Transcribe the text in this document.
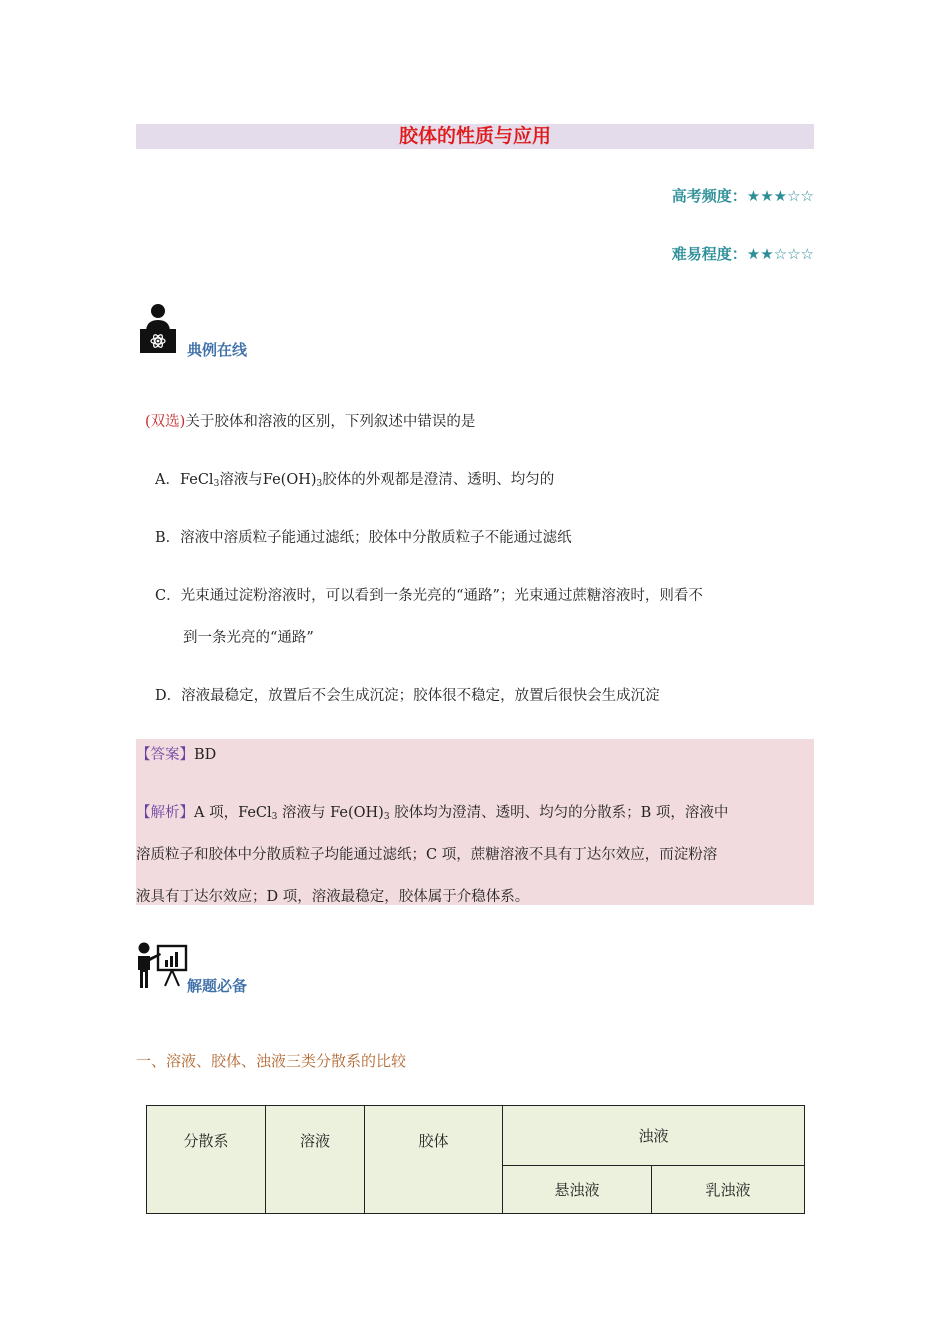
胶体的性质与应用
高考频度：★★★☆☆
难易程度：★★☆☆☆
典例在线
(双选)关于胶体和溶液的区别，下列叙述中错误的是
A．FeCl$_3$溶液与$Fe(OH)_3$胶体的外观都是澄清、透明、均匀的
B．溶液中溶质粒子能通过滤纸；胶体中分散质粒子不能通过滤纸
C．光束通过淀粉溶液时，可以看到一条光亮的“通路”；光束通过蔗糖溶液时，则看不
到一条光亮的“通路”
D．溶液最稳定，放置后不会生成沉淀；胶体很不稳定，放置后很快会生成沉淀
【答案】BD
【解析】A 项，FeCl$_3$ 溶液与 $Fe(OH)_3$ 胶体均为澄清、透明、均匀的分散系；B 项，溶液中
溶质粒子和胶体中分散质粒子均能通过滤纸；C 项，蔗糖溶液不具有丁达尔效应，而淀粉溶
液具有丁达尔效应；D 项，溶液最稳定，胶体属于介稳体系。
解题必备
一、溶液、胶体、浊液三类分散系的比较
分散系	溶液	胶体	浊液	
			悬浊液	乳浊液
